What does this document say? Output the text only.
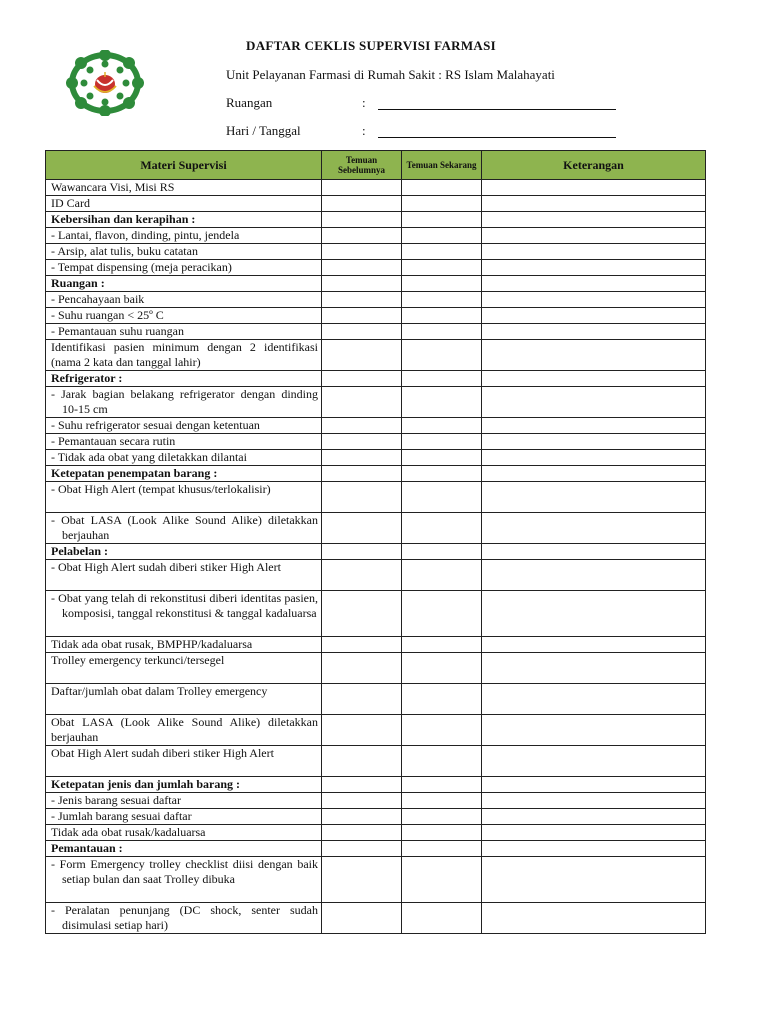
DAFTAR CEKLIS SUPERVISI FARMASI
Unit Pelayanan Farmasi di Rumah Sakit : RS Islam Malahayati
Ruangan	:
Hari / Tanggal	:
Materi Supervisi	Temuan Sebelumnya	Temuan Sekarang	Keterangan
Wawancara Visi, Misi RS			
ID Card			
Kebersihan dan kerapihan :			
- Lantai, flavon, dinding, pintu, jendela			
- Arsip, alat tulis, buku catatan			
- Tempat dispensing (meja peracikan)			
Ruangan :			
- Pencahayaan baik			
- Suhu ruangan < 25º C			
- Pemantauan suhu ruangan			
Identifikasi pasien minimum dengan 2 identifikasi (nama 2 kata dan tanggal lahir)			
Refrigerator :			

- Jarak bagian belakang refrigerator dengan dinding 10-15 cm			

- Suhu refrigerator sesuai dengan ketentuan			
- Pemantauan secara rutin			
- Tidak ada obat yang diletakkan dilantai			
Ketepatan penempatan barang :			

- Obat High Alert (tempat khusus/terlokalisir)			

- Obat LASA (Look Alike Sound Alike) diletakkan berjauhan			

Pelabelan :			

- Obat High Alert sudah diberi stiker High Alert			

- Obat yang telah di rekonstitusi diberi identitas pasien, komposisi, tanggal rekonstitusi & tanggal kadaluarsa			

Tidak ada obat rusak, BMPHP/kadaluarsa			
Trolley emergency terkunci/tersegel			
Daftar/jumlah obat dalam Trolley emergency			
Obat LASA (Look Alike Sound Alike) diletakkan berjauhan			
Obat High Alert sudah diberi stiker High Alert			
Ketepatan jenis dan jumlah barang :			
- Jenis barang sesuai daftar			
- Jumlah barang sesuai daftar			
Tidak ada obat rusak/kadaluarsa			
Pemantauan :			

- Form Emergency trolley checklist diisi dengan baik setiap bulan dan saat Trolley dibuka			

- Peralatan penunjang (DC shock, senter sudah disimulasi setiap hari)			
